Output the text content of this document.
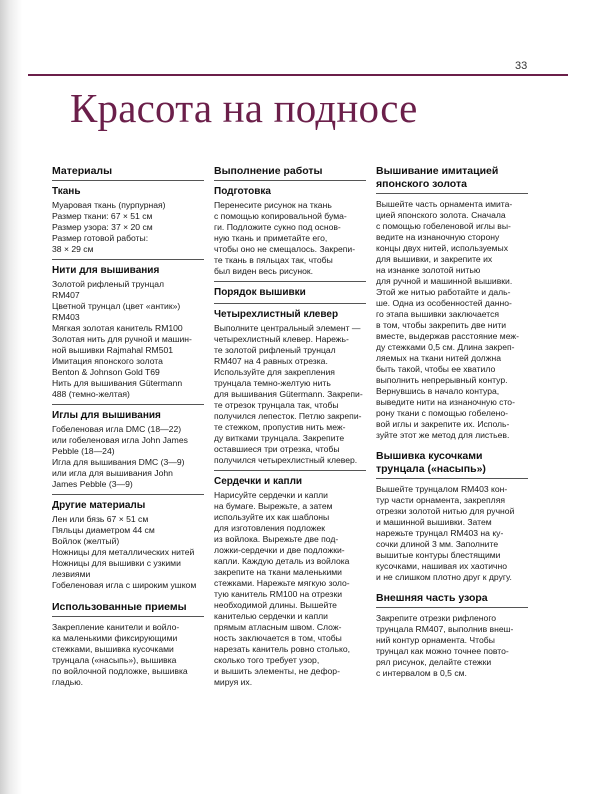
33
Красота на подносе
Материалы
Ткань
Муаровая ткань (пурпурная)
Размер ткани: 67 × 51 см
Размер узора: 37 × 20 см
Размер готовой работы:
38 × 29 см
Нити для вышивания
Золотой рифленый трунцал
RM407
Цветной трунцал (цвет «антик»)
RM403
Мягкая золотая канитель RM100
Золотая нить для ручной и машин-
ной вышивки Rajmahal RM501
Имитация японского золота
Benton & Johnson Gold T69
Нить для вышивания Gütermann
488 (темно-желтая)
Иглы для вышивания
Гобеленовая игла DMC (18—22)
или гобеленовая игла John James
Pebble (18—24)
Игла для вышивания DMC (3—9)
или игла для вышивания John
James Pebble (3—9)
Другие материалы
Лен или бязь 67 × 51 см
Пяльцы диаметром 44 см
Войлок (желтый)
Ножницы для металлических нитей
Ножницы для вышивки с узкими
лезвиями
Гобеленовая игла с широким ушком
Использованные приемы

Закрепление канители и войло-
ка маленькими фиксирующими
стежками, вышивка кусочками
трунцала («насыпь»), вышивка
по войлочной подложке, вышивка
гладью.

Выполнение работы
Подготовка

Перенесите рисунок на ткань
с помощью копировальной бума-
ги. Подложите сукно под основ-
ную ткань и приметайте его,
чтобы оно не смещалось. Закрепи-
те ткань в пяльцах так, чтобы
был виден весь рисунок.

Порядок вышивки
Четырехлистный клевер

Выполните центральный элемент —
четырехлистный клевер. Нарежь-
те золотой рифленый трунцал
RM407 на 4 равных отрезка.
Используйте для закрепления
трунцала темно-желтую нить
для вышивания Gütermann. Закрепи-
те отрезок трунцала так, чтобы
получился лепесток. Петлю закрепи-
те стежком, пропустив нить меж-
ду витками трунцала. Закрепите
оставшиеся три отрезка, чтобы
получился четырехлистный клевер.

Сердечки и капли

Нарисуйте сердечки и капли
на бумаге. Вырежьте, а затем
используйте их как шаблоны
для изготовления подложек
из войлока. Вырежьте две под-
ложки-сердечки и две подложки-
капли. Каждую деталь из войлока
закрепите на ткани маленькими
стежками. Нарежьте мягкую золо-
тую канитель RM100 на отрезки
необходимой длины. Вышейте
канителью сердечки и капли
прямым атласным швом. Слож-
ность заключается в том, чтобы
нарезать канитель ровно столько,
сколько того требует узор,
и вышить элементы, не дефор-
мируя их.

Вышивание имитацией японского золота

Вышейте часть орнамента имита-
цией японского золота. Сначала
с помощью гобеленовой иглы вы-
ведите на изнаночную сторону
концы двух нитей, используемых
для вышивки, и закрепите их
на изнанке золотой нитью
для ручной и машинной вышивки.
Этой же нитью работайте и даль-
ше. Одна из особенностей данно-
го этапа вышивки заключается
в том, чтобы закрепить две нити
вместе, выдержав расстояние меж-
ду стежками 0,5 см. Длина закреп-
ляемых на ткани нитей должна
быть такой, чтобы ее хватило
выполнить непрерывный контур.
Вернувшись в начало контура,
выведите нити на изнаночную сто-
рону ткани с помощью гобелено-
вой иглы и закрепите их. Исполь-
зуйте этот же метод для листьев.

Вышивка кусочками трунцала («насыпь»)

Вышейте трунцалом RM403 кон-
тур части орнамента, закрепляя
отрезки золотой нитью для ручной
и машинной вышивки. Затем
нарежьте трунцал RM403 на ку-
сочки длиной 3 мм. Заполните
вышитые контуры блестящими
кусочками, нашивая их хаотично
и не слишком плотно друг к другу.

Внешняя часть узора

Закрепите отрезки рифленого
трунцала RM407, выполнив внеш-
ний контур орнамента. Чтобы
трунцал как можно точнее повто-
рял рисунок, делайте стежки
с интервалом в 0,5 см.
